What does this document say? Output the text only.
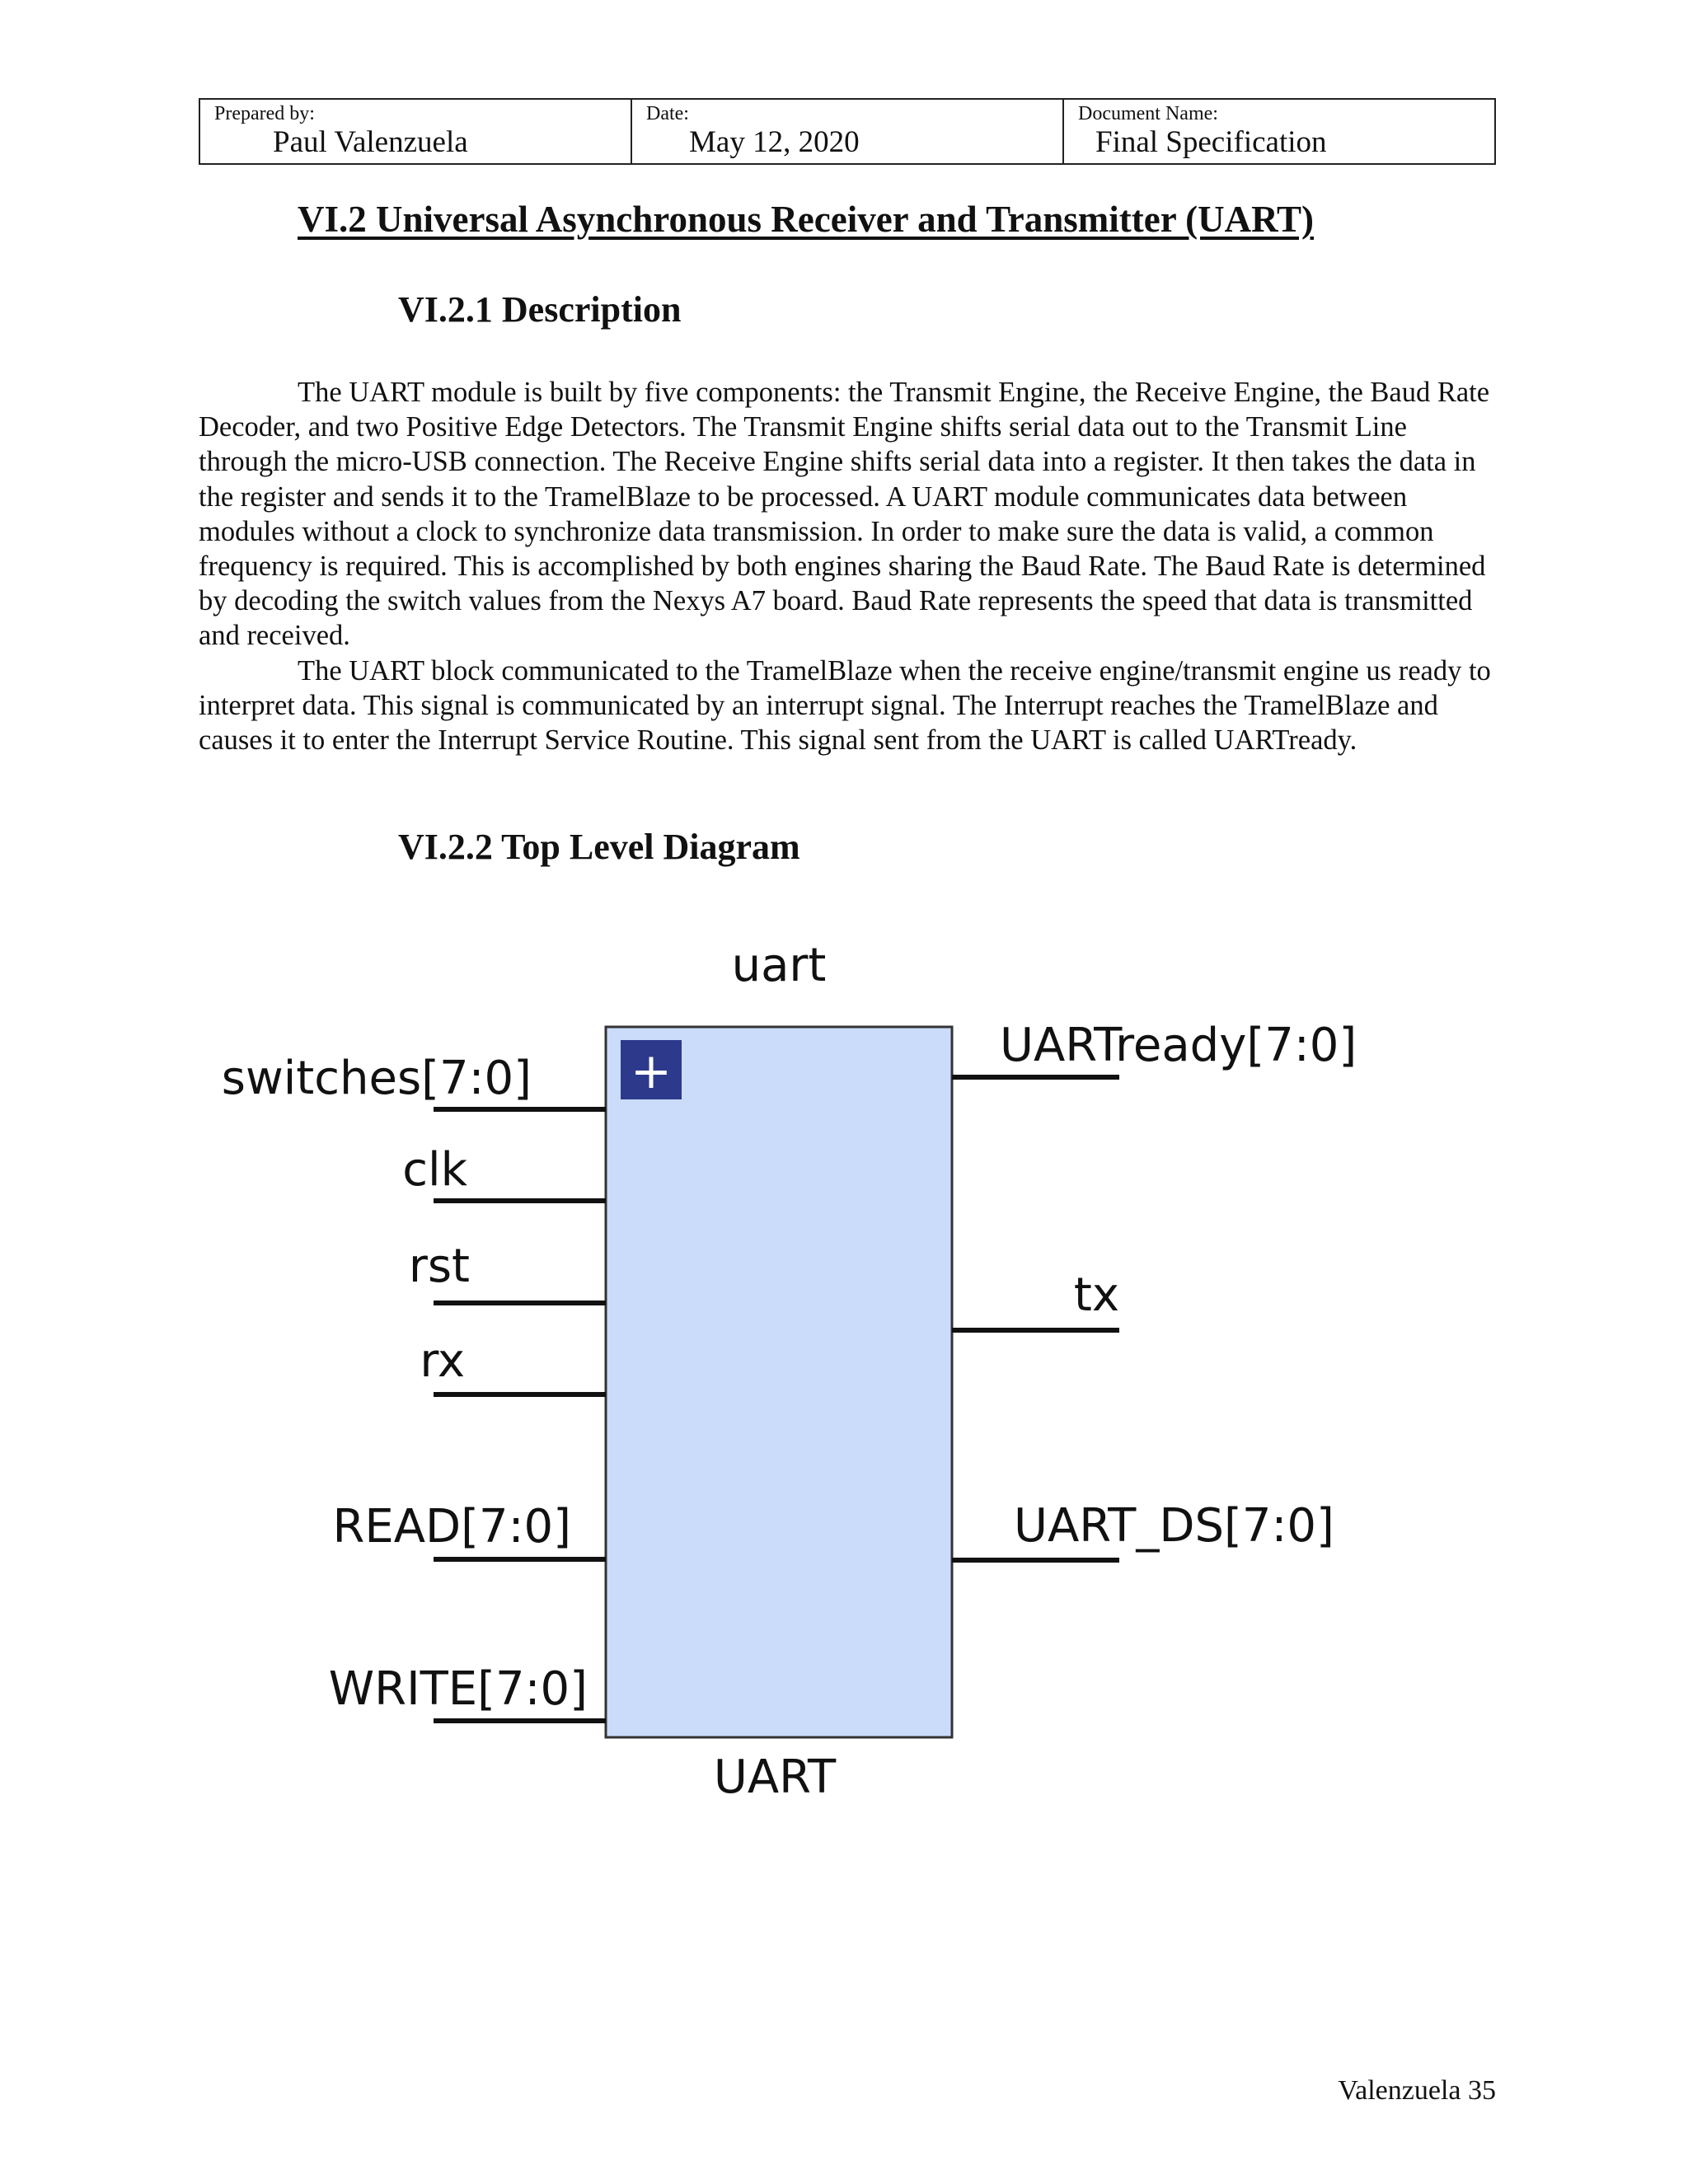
Prepared by:
Paul Valenzuela
Date:
May 12, 2020
Document Name:
Final Specification
VI.2 Universal Asynchronous Receiver and Transmitter (UART)
VI.2.1 Description

The UART module is built by five components: the Transmit Engine, the Receive Engine, the Baud Rate Decoder, and two Positive Edge Detectors. The Transmit Engine shifts serial data out to the Transmit Line through the micro-USB connection. The Receive Engine shifts serial data into a register. It then takes the data in the register and sends it to the TramelBlaze to be processed. A UART module communicates data between modules without a clock to synchronize data transmission. In order to make sure the data is valid, a common frequency is required. This is accomplished by both engines sharing the Baud Rate. The Baud Rate is determined by decoding the switch values from the Nexys A7 board. Baud Rate represents the speed that data is transmitted and received.

The UART block communicated to the TramelBlaze when the receive engine/transmit engine us ready to interpret data. This signal is communicated by an interrupt signal. The Interrupt reaches the TramelBlaze and causes it to enter the Interrupt Service Routine. This signal sent from the UART is called UARTready.

VI.2.2 Top Level Diagram
uart
+
switches[7:0]
clk
rst
rx
READ[7:0]
WRITE[7:0]
UARTready[7:0]
tx
UART_DS[7:0]
UART
Valenzuela 35
